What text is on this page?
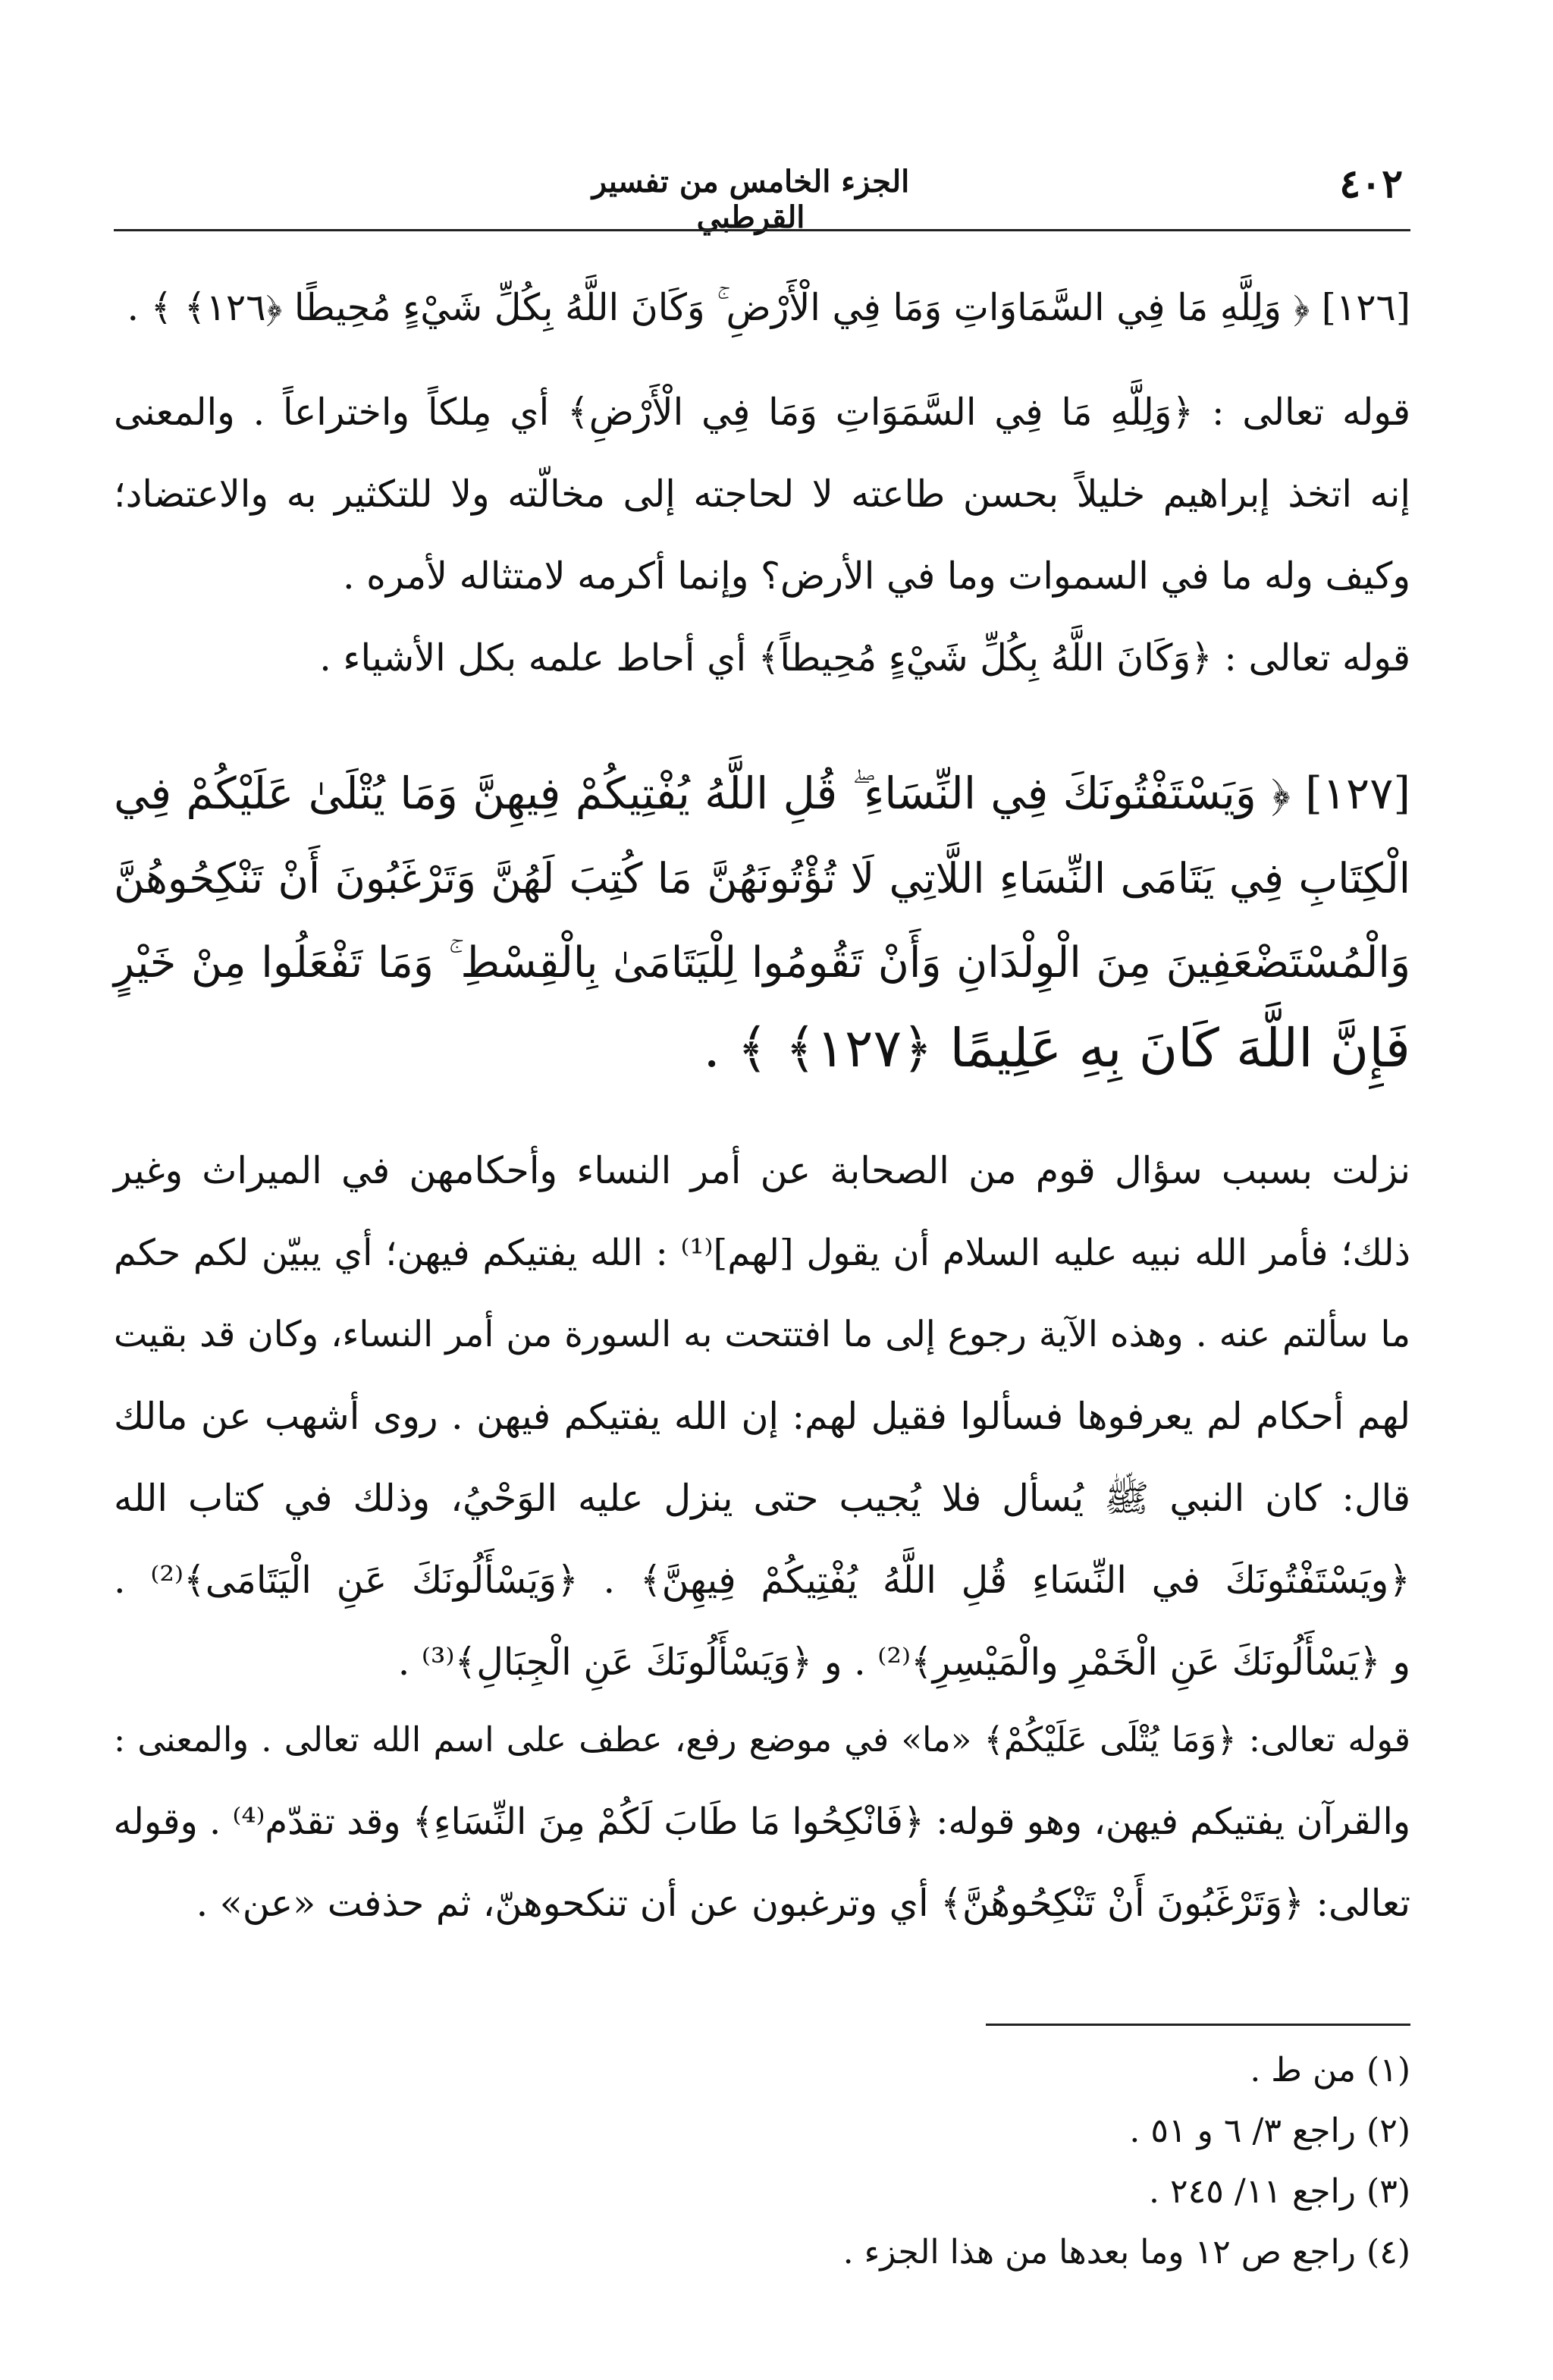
٤٠٢
الجزء الخامس من تفسير القرطبي
[١٢٦] ﴿ وَلِلَّهِ مَا فِي السَّمَاوَاتِ وَمَا فِي الْأَرْضِ ۚ وَكَانَ اللَّهُ بِكُلِّ شَيْءٍ مُحِيطًا ﴿١٢٦﴾ ﴾ .
قوله تعالى : ﴿وَلِلَّهِ مَا فِي السَّمَوَاتِ وَمَا فِي الْأَرْضِ﴾ أي مِلكاً واختراعاً . والمعنى
إنه اتخذ إبراهيم خليلاً بحسن طاعته لا لحاجته إلى مخالّته ولا للتكثير به والاعتضاد؛
وكيف وله ما في السموات وما في الأرض؟ وإنما أكرمه لامتثاله لأمره .
قوله تعالى : ﴿وَكَانَ اللَّهُ بِكُلِّ شَيْءٍ مُحِيطاً﴾ أي أحاط علمه بكل الأشياء .
[١٢٧] ﴿ وَيَسْتَفْتُونَكَ فِي النِّسَاءِ ۖ قُلِ اللَّهُ يُفْتِيكُمْ فِيهِنَّ وَمَا يُتْلَىٰ عَلَيْكُمْ فِي
الْكِتَابِ فِي يَتَامَى النِّسَاءِ اللَّاتِي لَا تُؤْتُونَهُنَّ مَا كُتِبَ لَهُنَّ وَتَرْغَبُونَ أَنْ تَنْكِحُوهُنَّ
وَالْمُسْتَضْعَفِينَ مِنَ الْوِلْدَانِ وَأَنْ تَقُومُوا لِلْيَتَامَىٰ بِالْقِسْطِ ۚ وَمَا تَفْعَلُوا مِنْ خَيْرٍ
فَإِنَّ اللَّهَ كَانَ بِهِ عَلِيمًا ﴿١٢٧﴾ ﴾ .
نزلت بسبب سؤال قوم من الصحابة عن أمر النساء وأحكامهن في الميراث وغير
ذلك؛ فأمر الله نبيه عليه السلام أن يقول [لهم]⁽¹⁾ : الله يفتيكم فيهن؛ أي يبيّن لكم حكم
ما سألتم عنه . وهذه الآية رجوع إلى ما افتتحت به السورة من أمر النساء، وكان قد بقيت
لهم أحكام لم يعرفوها فسألوا فقيل لهم: إن الله يفتيكم فيهن . روى أشهب عن مالك
قال: كان النبي ﷺ يُسأل فلا يُجيب حتى ينزل عليه الوَحْيُ، وذلك في كتاب الله
﴿ويَسْتَفْتُونَكَ في النِّسَاءِ قُلِ اللَّهُ يُفْتِيكُمْ فِيهِنَّ﴾ . ﴿وَيَسْأَلُونَكَ عَنِ الْيَتَامَى﴾⁽²⁾ .
و ﴿يَسْأَلُونَكَ عَنِ الْخَمْرِ والْمَيْسِرِ﴾⁽²⁾ . و ﴿وَيَسْأَلُونَكَ عَنِ الْجِبَالِ﴾⁽³⁾ .
قوله تعالى: ﴿وَمَا يُتْلَى عَلَيْكُمْ﴾ «ما» في موضع رفع، عطف على اسم الله تعالى . والمعنى :
والقرآن يفتيكم فيهن، وهو قوله: ﴿فَانْكِحُوا مَا طَابَ لَكُمْ مِنَ النِّسَاءِ﴾ وقد تقدّم⁽⁴⁾ . وقوله
تعالى: ﴿وَتَرْغَبُونَ أَنْ تَنْكِحُوهُنَّ﴾ أي وترغبون عن أن تنكحوهنّ، ثم حذفت «عن» .
(١) من ط .
(٢) راجع ٣/ ٦ و ٥١ .
(٣) راجع ١١/ ٢٤٥ .
(٤) راجع ص ١٢ وما بعدها من هذا الجزء .
